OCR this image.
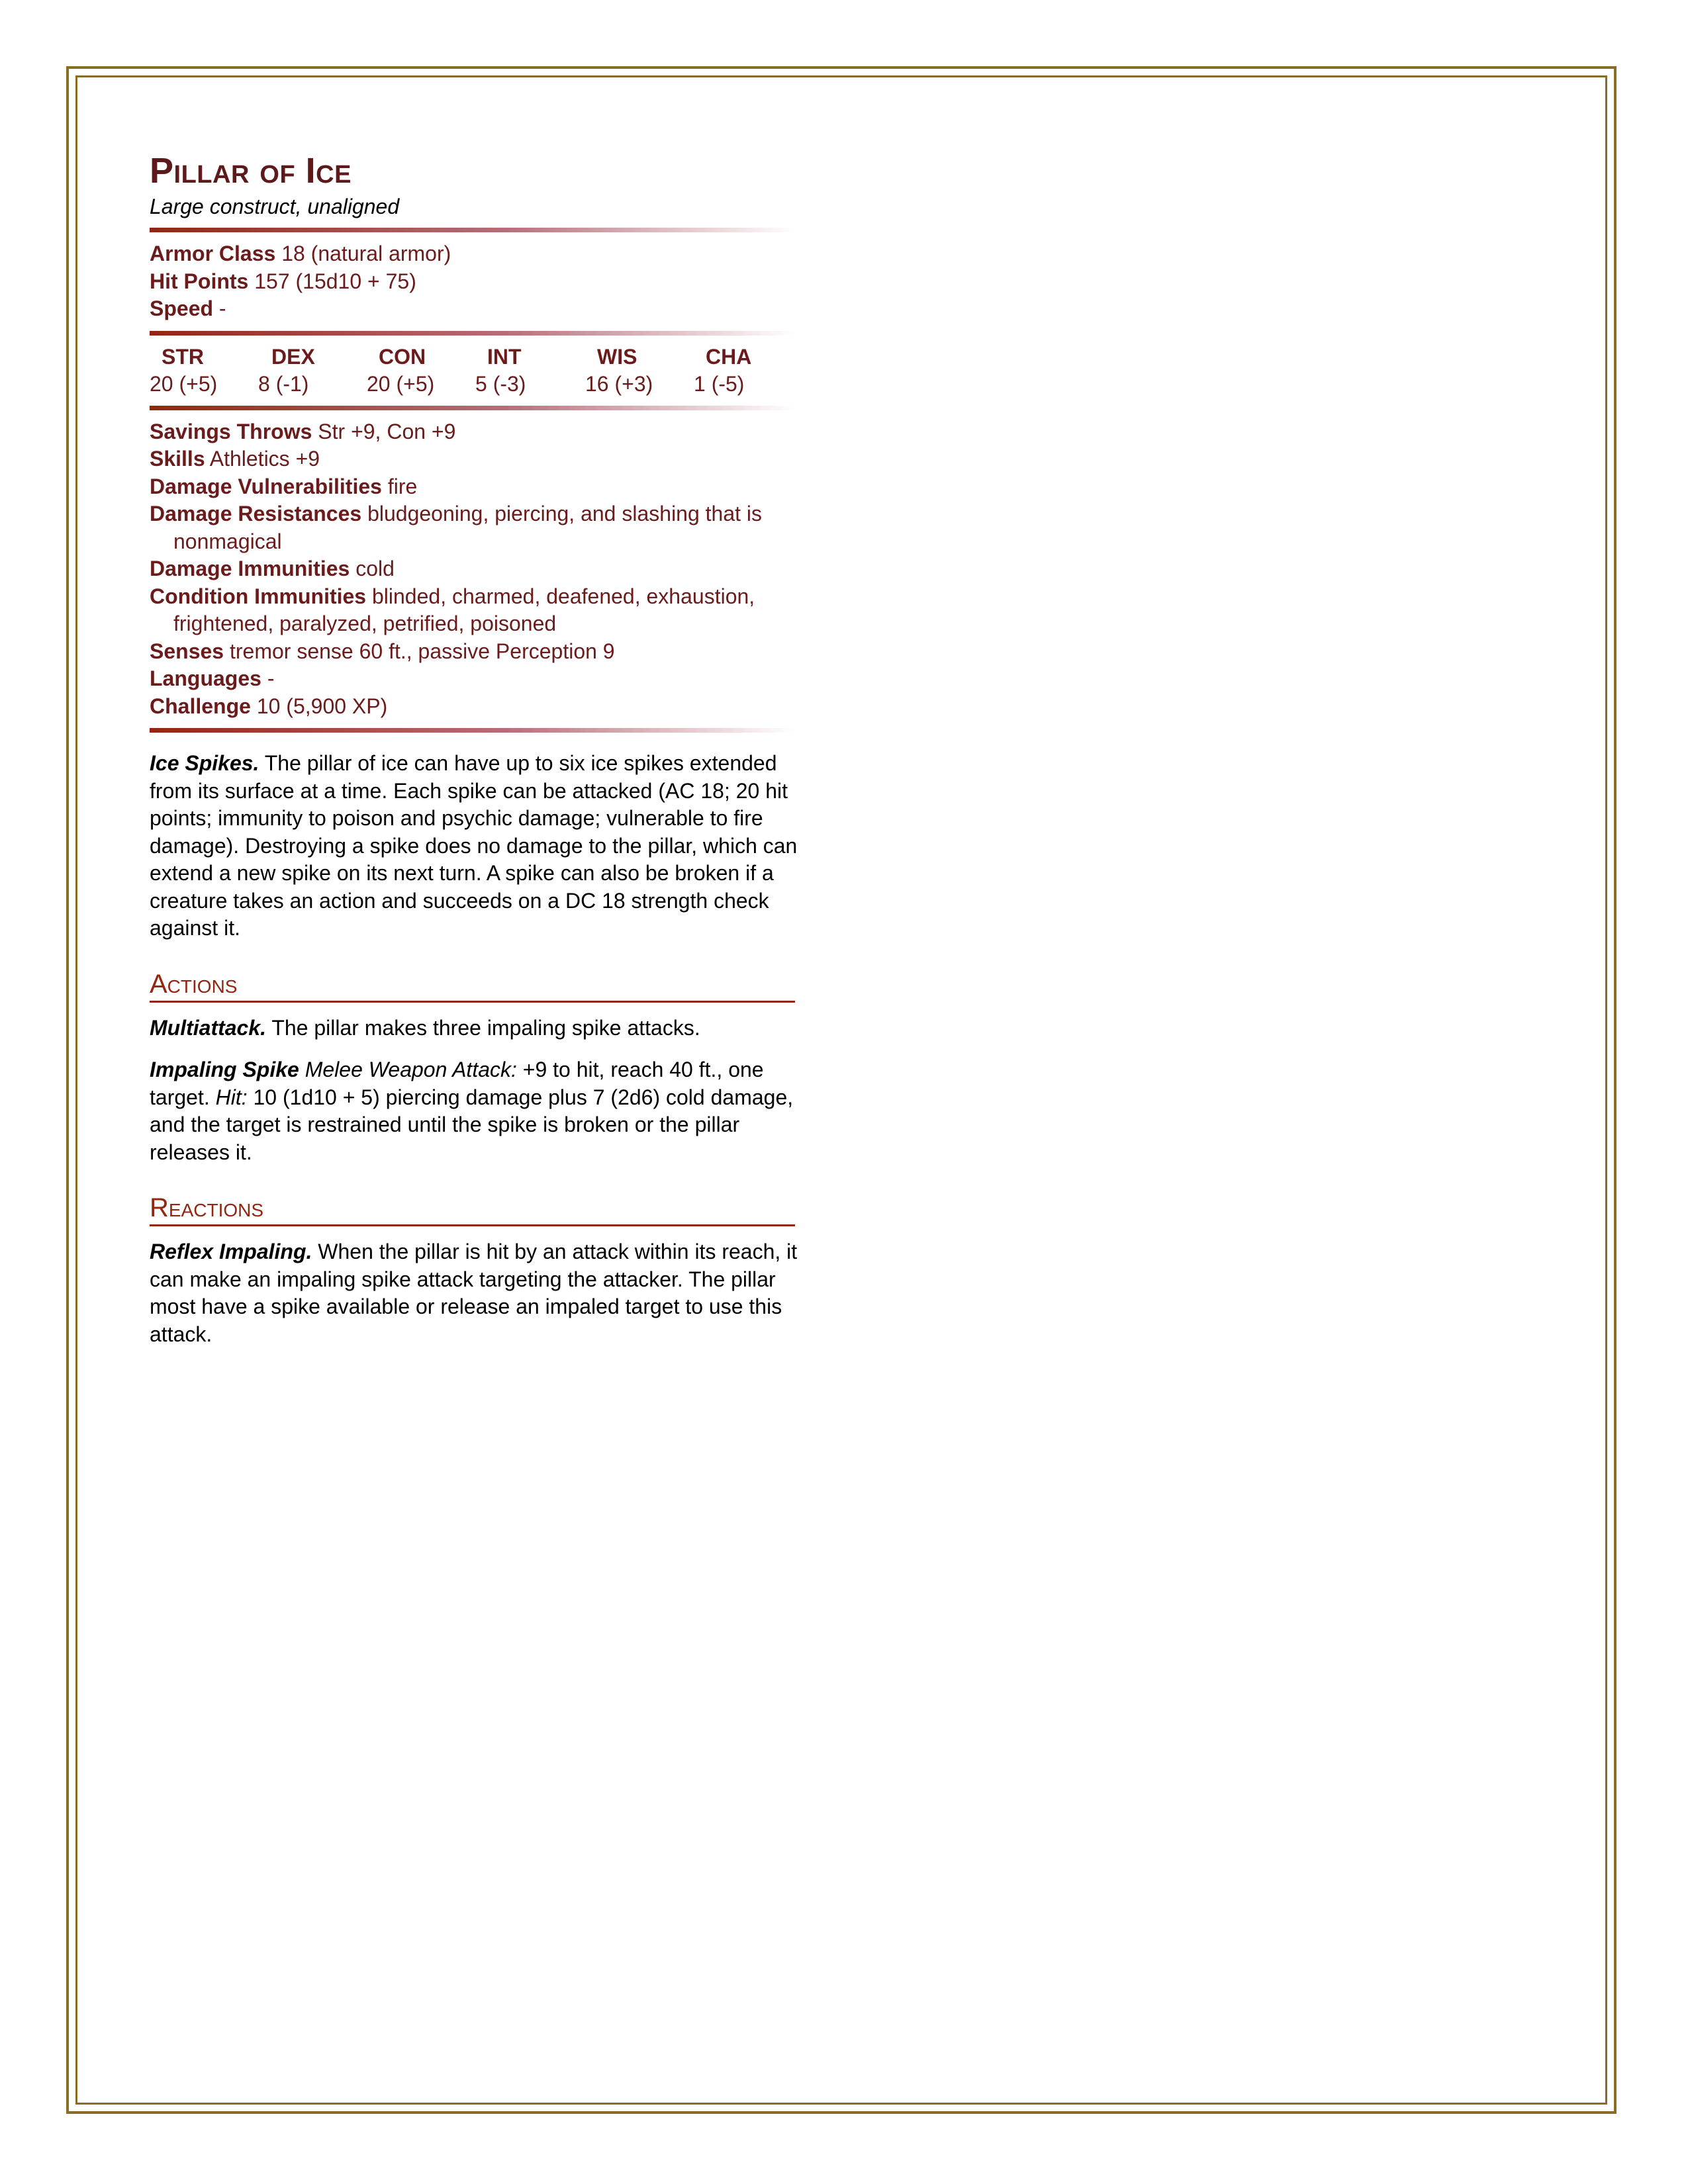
Pillar of Ice

Large construct, unaligned

Armor Class 18 (natural armor)
Hit Points 157 (15d10 + 75)
Speed -
STR
20 (+5)
DEX
8 (-1)
CON
20 (+5)
INT
5 (-3)
WIS
16 (+3)
CHA
1 (-5)
Savings Throws Str +9, Con +9
Skills Athletics +9
Damage Vulnerabilities fire
Damage Resistances bludgeoning, piercing, and slashing that is nonmagical
Damage Immunities cold
Condition Immunities blinded, charmed, deafened, exhaustion, frightened, paralyzed, petrified, poisoned
Senses tremor sense 60 ft., passive Perception 9
Languages -
Challenge 10 (5,900 XP)

Ice Spikes. The pillar of ice can have up to six ice spikes extended from its surface at a time. Each spike can be attacked (AC 18; 20 hit points; immunity to poison and psychic damage; vulnerable to fire damage). Destroying a spike does no damage to the pillar, which can extend a new spike on its next turn. A spike can also be broken if a creature takes an action and succeeds on a DC 18 strength check against it.

Actions

Multiattack. The pillar makes three impaling spike attacks.

Impaling Spike Melee Weapon Attack: +9 to hit, reach 40 ft., one target. Hit: 10 (1d10 + 5) piercing damage plus 7 (2d6) cold damage, and the target is restrained until the spike is broken or the pillar releases it.

Reactions

Reflex Impaling. When the pillar is hit by an attack within its reach, it can make an impaling spike attack targeting the attacker. The pillar most have a spike available or release an impaled target to use this attack.
